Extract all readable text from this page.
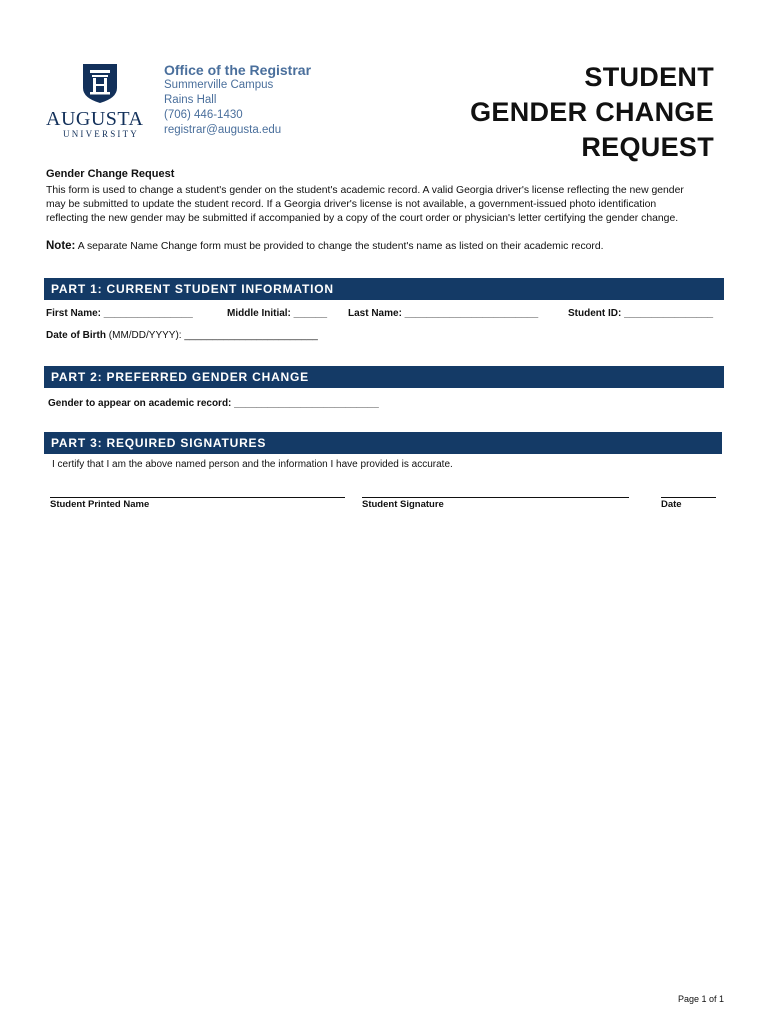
AUGUSTA
UNIVERSITY
Office of the Registrar
Summerville Campus
Rains Hall
(706) 446-1430
registrar@augusta.edu
STUDENT
GENDER CHANGE
REQUEST
Gender Change Request
This form is used to change a student's gender on the student's academic record. A valid Georgia driver's license reflecting the new gender
may be submitted to update the student record. If a Georgia driver's license is not available, a government-issued photo identification
reflecting the new gender may be submitted if accompanied by a copy of the court order or physician's letter certifying the gender change.
Note: A separate Name Change form must be provided to change the student's name as listed on their academic record.
PART 1: CURRENT STUDENT INFORMATION
First Name: ________________	Middle Initial: ______ Last Name: ________________________	Student ID: ________________
Date of Birth (MM/DD/YYYY): ________________________
PART 2: PREFERRED GENDER CHANGE
Gender to appear on academic record: __________________________
PART 3: REQUIRED SIGNATURES
I certify that I am the above named person and the information I have provided is accurate.
Student Printed Name	Student Signature	Date
Page 1 of 1
